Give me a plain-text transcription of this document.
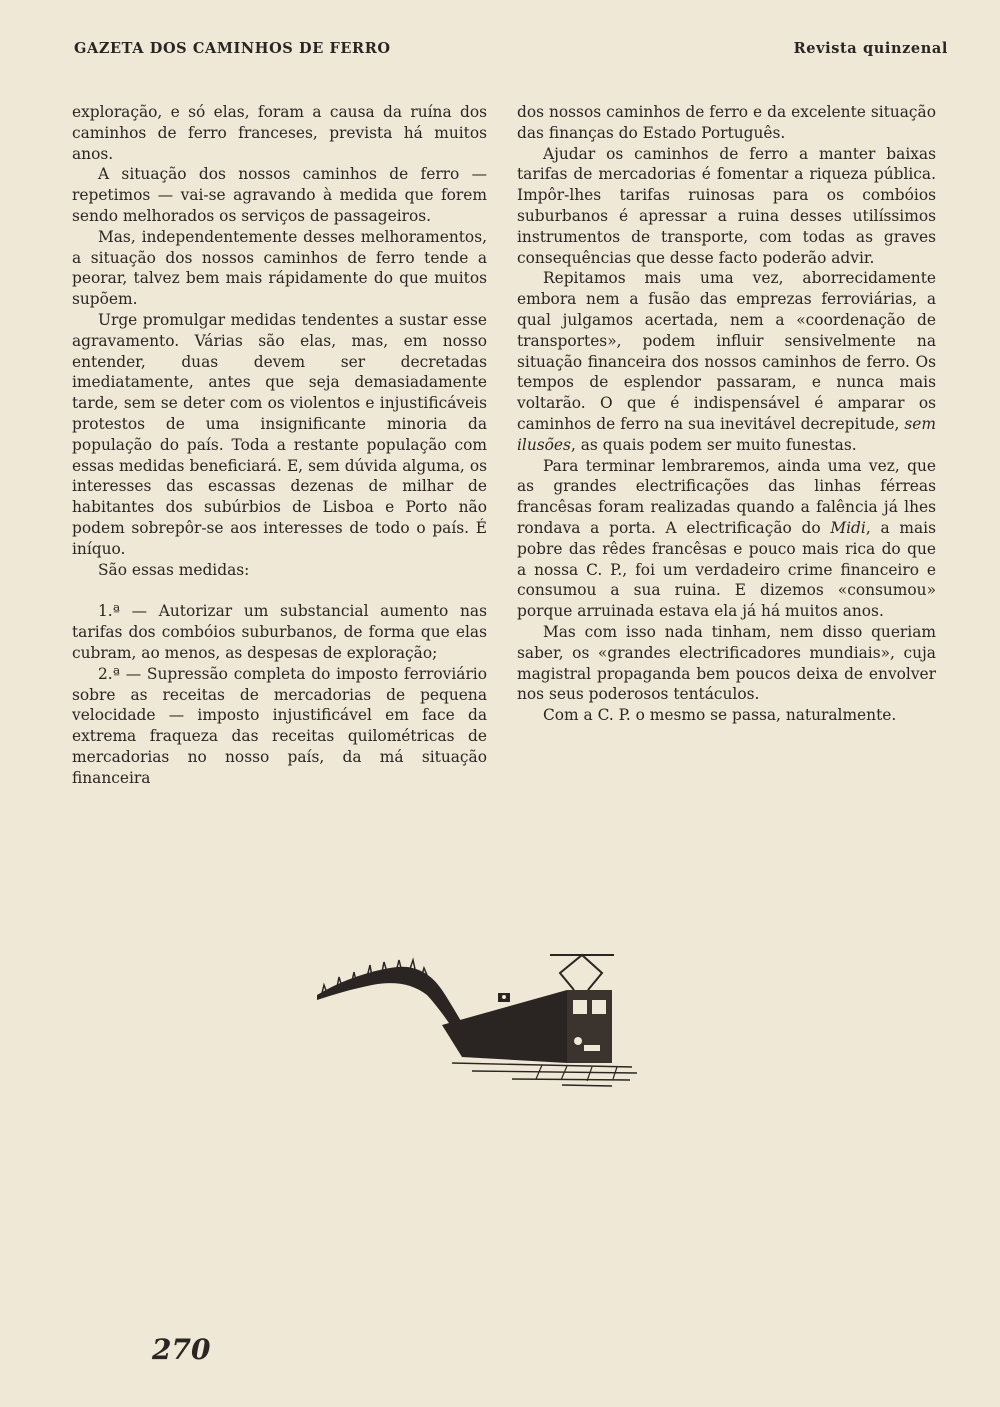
GAZETA DOS CAMINHOS DE FERRO	Revista quinzenal

exploração, e só elas, foram a causa da ruína dos caminhos de ferro franceses, prevista há muitos anos.

A situação dos nossos caminhos de ferro — repetimos — vai-se agravando à medida que forem sendo melhorados os serviços de passageiros.

Mas, independentemente desses melhoramentos, a situação dos nossos caminhos de ferro tende a peorar, talvez bem mais rápidamente do que muitos supõem.

Urge promulgar medidas tendentes a sustar esse agravamento. Várias são elas, mas, em nosso entender, duas devem ser decretadas imediatamente, antes que seja demasiadamente tarde, sem se deter com os violentos e injustificáveis protestos de uma insignificante minoria da população do país. Toda a restante população com essas medidas beneficiará. E, sem dúvida alguma, os interesses das escassas dezenas de milhar de habitantes dos subúrbios de Lisboa e Porto não podem sobrepôr-se aos interesses de todo o país. É iníquo.

São essas medidas:

1.ª — Autorizar um substancial aumento nas tarifas dos combóios suburbanos, de forma que elas cubram, ao menos, as despesas de exploração;

2.ª — Supressão completa do imposto ferroviário sobre as receitas de mercadorias de pequena velocidade — imposto injustificável em face da extrema fraqueza das receitas quilométricas de mercadorias no nosso país, da má situação financeira

dos nossos caminhos de ferro e da excelente situação das finanças do Estado Português.

Ajudar os caminhos de ferro a manter baixas tarifas de mercadorias é fomentar a riqueza pública. Impôr-lhes tarifas ruinosas para os combóios suburbanos é apressar a ruina desses utilíssimos instrumentos de transporte, com todas as graves consequências que desse facto poderão advir.

Repitamos mais uma vez, aborrecidamente embora nem a fusão das emprezas ferroviárias, a qual julgamos acertada, nem a «coordenação de transportes», podem influir sensivelmente na situação financeira dos nossos caminhos de ferro. Os tempos de esplendor passaram, e nunca mais voltarão. O que é indispensável é amparar os caminhos de ferro na sua inevitável decrepitude, sem ilusões, as quais podem ser muito funestas.

Para terminar lembraremos, ainda uma vez, que as grandes electrificações das linhas férreas francêsas foram realizadas quando a falência já lhes rondava a porta. A electrificação do Midi, a mais pobre das rêdes francêsas e pouco mais rica do que a nossa C. P., foi um verdadeiro crime financeiro e consumou a sua ruina. E dizemos «consumou» porque arruinada estava ela já há muitos anos.

Mas com isso nada tinham, nem disso queriam saber, os «grandes electrificadores mundiais», cuja magistral propaganda bem poucos deixa de envolver nos seus poderosos tentáculos.

Com a C. P. o mesmo se passa, naturalmente.

270
